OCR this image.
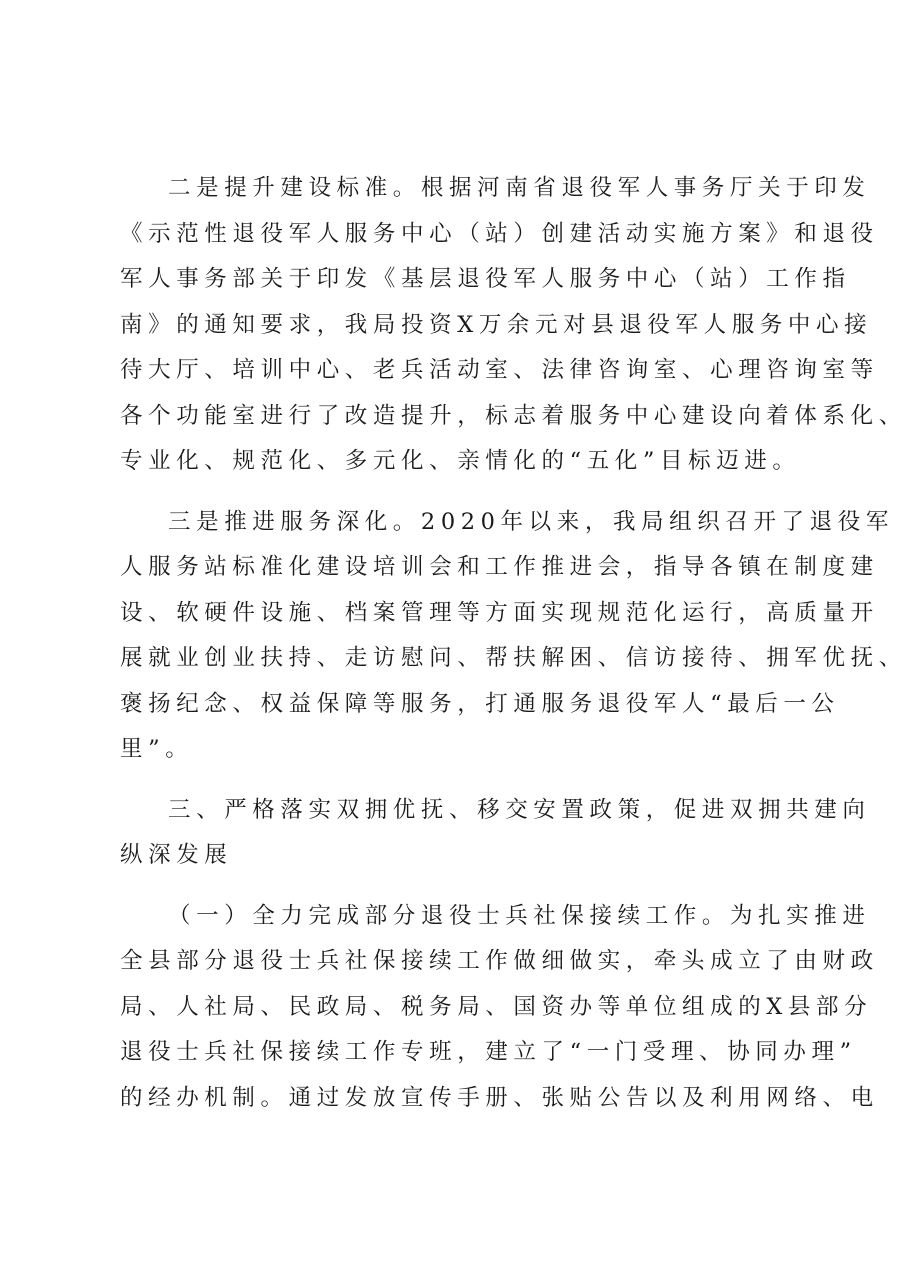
二是提升建设标准。根据河南省退役军人事务厅关于印发
《示范性退役军人服务中心（站）创建活动实施方案》和退役
军人事务部关于印发《基层退役军人服务中心（站）工作指
南》的通知要求，我局投资X万余元对县退役军人服务中心接
待大厅、培训中心、老兵活动室、法律咨询室、心理咨询室等
各个功能室进行了改造提升，标志着服务中心建设向着体系化、
专业化、规范化、多元化、亲情化的“五化”目标迈进。
三是推进服务深化。2020年以来，我局组织召开了退役军
人服务站标准化建设培训会和工作推进会，指导各镇在制度建
设、软硬件设施、档案管理等方面实现规范化运行，高质量开
展就业创业扶持、走访慰问、帮扶解困、信访接待、拥军优抚、
褒扬纪念、权益保障等服务，打通服务退役军人“最后一公
里”。
三、严格落实双拥优抚、移交安置政策，促进双拥共建向
纵深发展
（一）全力完成部分退役士兵社保接续工作。为扎实推进
全县部分退役士兵社保接续工作做细做实，牵头成立了由财政
局、人社局、民政局、税务局、国资办等单位组成的X县部分
退役士兵社保接续工作专班，建立了“一门受理、协同办理”
的经办机制。通过发放宣传手册、张贴公告以及利用网络、电
